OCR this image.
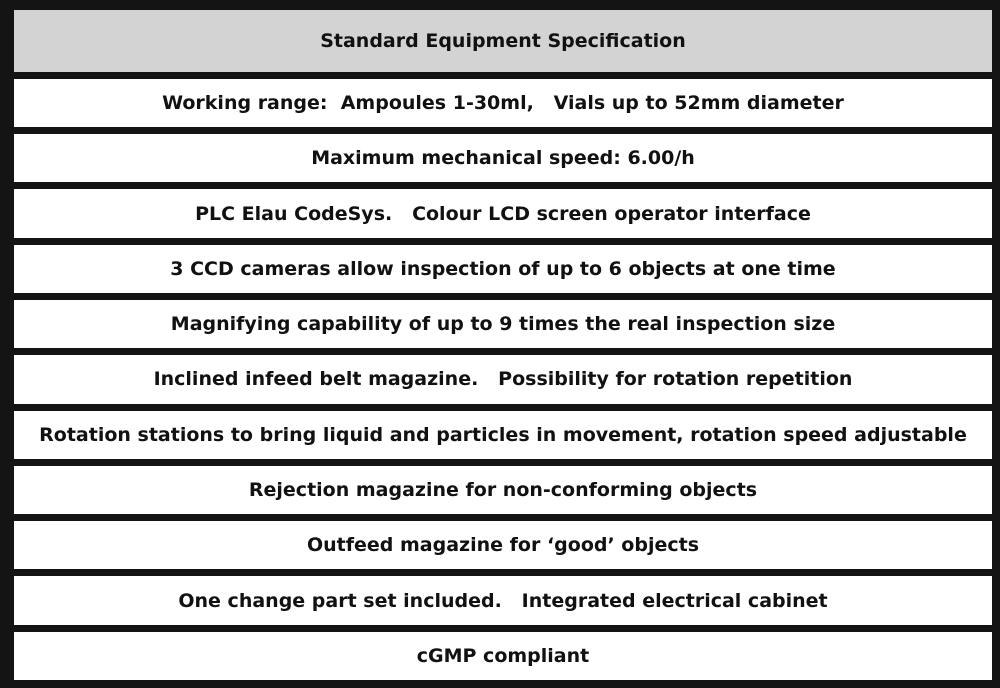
Standard Equipment Specification
Working range:  Ampoules 1-30ml,   Vials up to 52mm diameter
Maximum mechanical speed: 6.00/h
PLC Elau CodeSys.   Colour LCD screen operator interface
3 CCD cameras allow inspection of up to 6 objects at one time
Magnifying capability of up to 9 times the real inspection size
Inclined infeed belt magazine.   Possibility for rotation repetition
Rotation stations to bring liquid and particles in movement, rotation speed adjustable
Rejection magazine for non-conforming objects
Outfeed magazine for ‘good’ objects
One change part set included.   Integrated electrical cabinet
cGMP compliant
